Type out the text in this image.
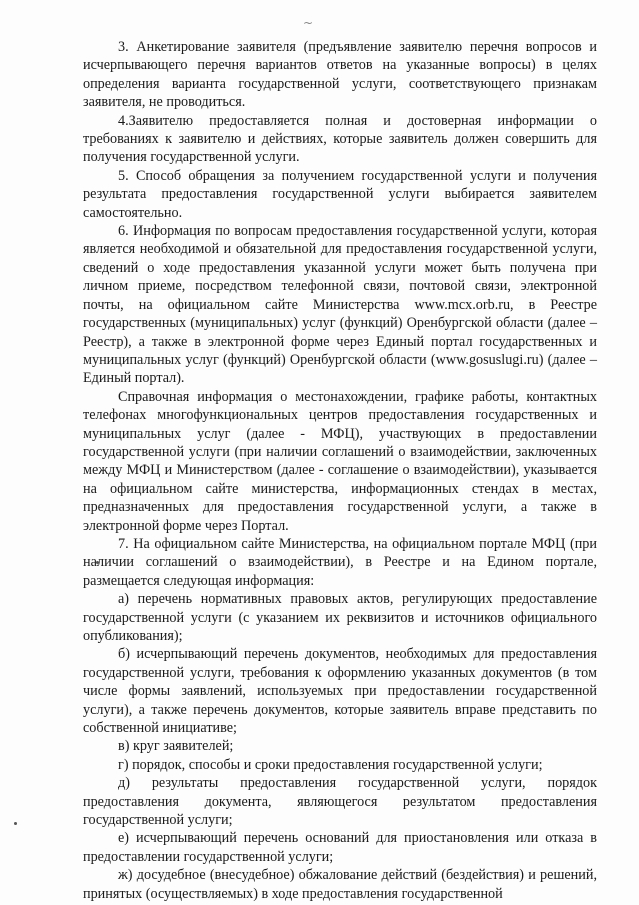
~

3. Анкетирование заявителя (предъявление заявителю перечня вопросов и исчерпывающего перечня вариантов ответов на указанные вопросы) в целях определения варианта государственной услуги, соответствующего признакам заявителя, не проводиться.

4.Заявителю предоставляется полная и достоверная информации о требованиях к заявителю и действиях, которые заявитель должен совершить для получения государственной услуги.

5. Способ обращения за получением государственной услуги и получения результата предоставления государственной услуги выбирается заявителем самостоятельно.

6. Информация по вопросам предоставления государственной услуги, которая является необходимой и обязательной для предоставления государственной услуги, сведений о ходе предоставления указанной услуги может быть получена при личном приеме, посредством телефонной связи, почтовой связи, электронной почты, на официальном сайте Министерства www.mcx.orb.ru, в Реестре государственных (муниципальных) услуг (функций) Оренбургской области (далее – Реестр), а также в электронной форме через Единый портал государственных и муниципальных услуг (функций) Оренбургской области (www.gosuslugi.ru) (далее – Единый портал).

Справочная информация о местонахождении, графике работы, контактных телефонах многофункциональных центров предоставления государственных и муниципальных услуг (далее - МФЦ), участвующих в предоставлении государственной услуги (при наличии соглашений о взаимодействии, заключенных между МФЦ и Министерством (далее - соглашение о взаимодействии), указывается на официальном сайте министерства, информационных стендах в местах, предназначенных для предоставления государственной услуги, а также в электронной форме через Портал.

7. На официальном сайте Министерства, на официальном портале МФЦ (при наличии соглашений о взаимодействии), в Реестре и на Едином портале, размещается следующая информация:

а) перечень нормативных правовых актов, регулирующих предоставление государственной услуги (с указанием их реквизитов и источников официального опубликования);

б) исчерпывающий перечень документов, необходимых для предоставления государственной услуги, требования к оформлению указанных документов (в том числе формы заявлений, используемых при предоставлении государственной услуги), а также перечень документов, которые заявитель вправе представить по собственной инициативе;

в) круг заявителей;

г) порядок, способы и сроки предоставления государственной услуги;

д) результаты предоставления государственной услуги, порядок предоставления документа, являющегося результатом предоставления государственной услуги;

е) исчерпывающий перечень оснований для приостановления или отказа в предоставлении государственной услуги;

ж) досудебное (внесудебное) обжалование действий (бездействия) и решений, принятых (осуществляемых) в ходе предоставления государственной
